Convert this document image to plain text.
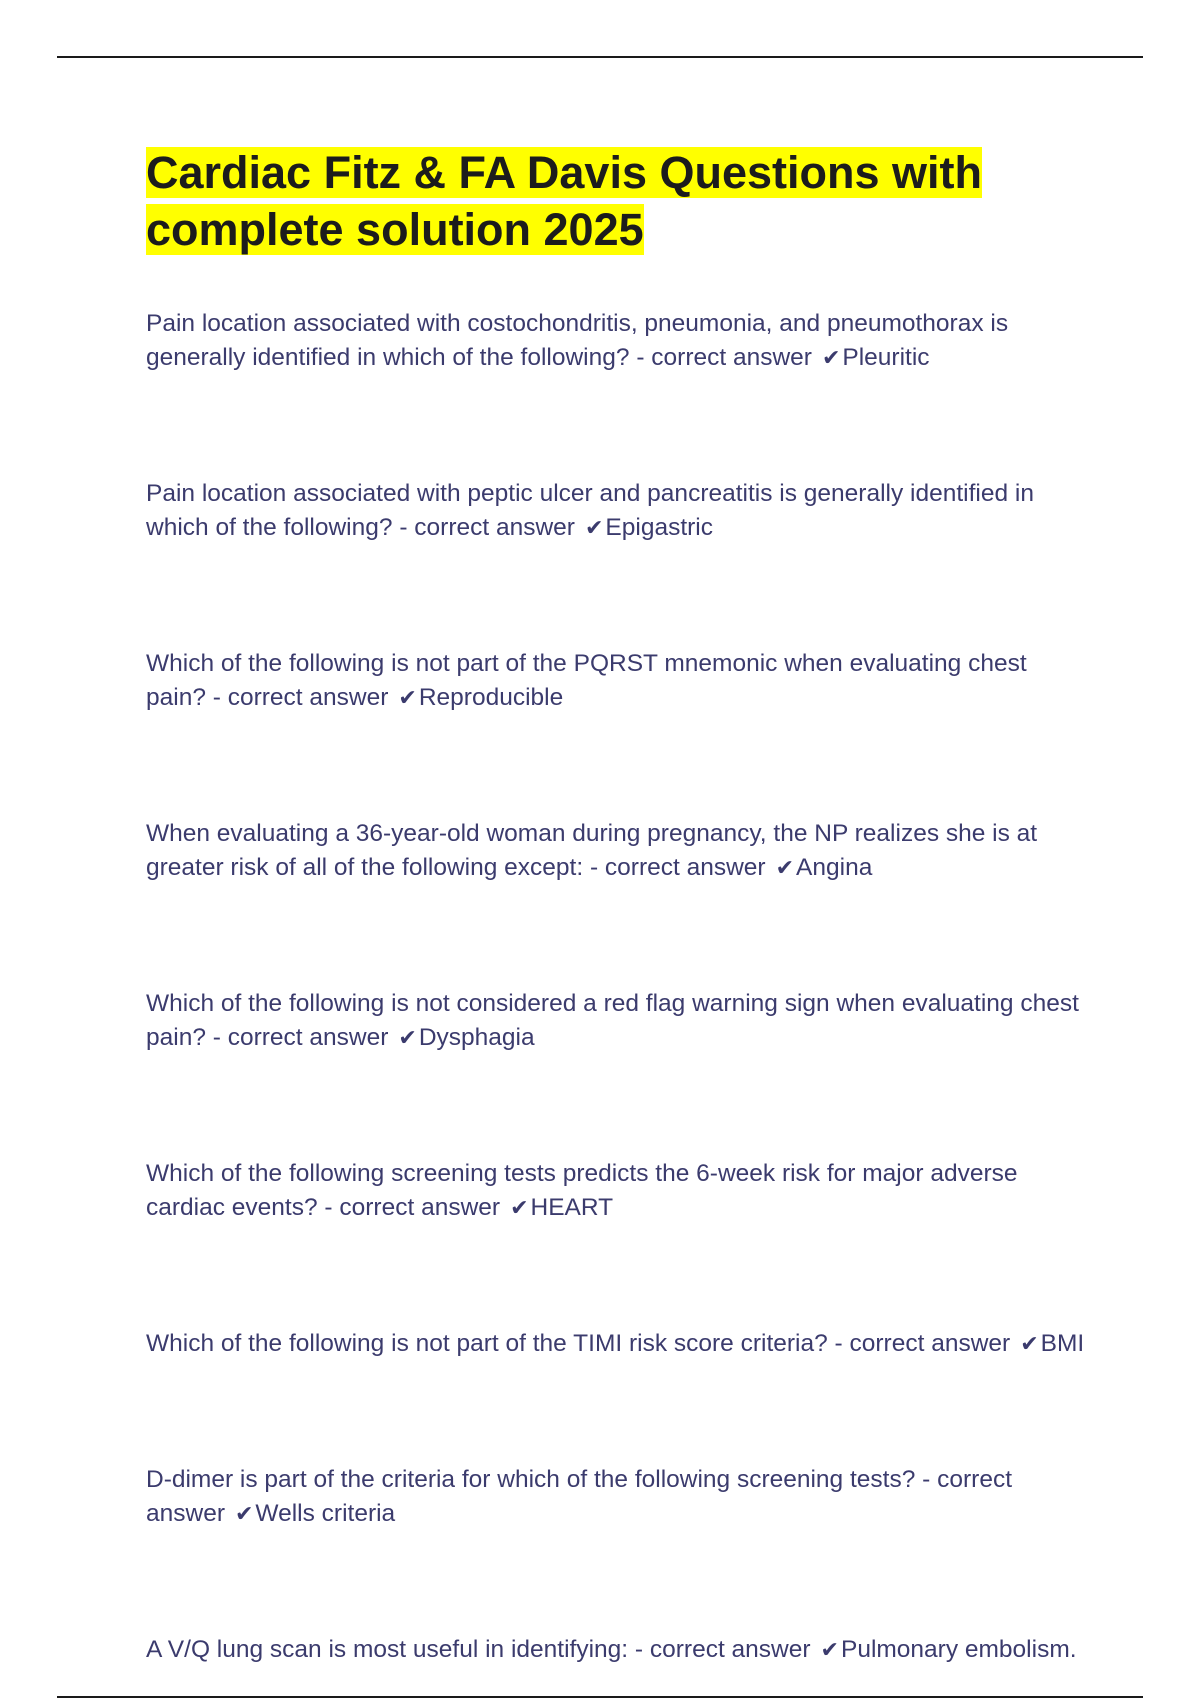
Cardiac Fitz & FA Davis Questions with complete solution 2025

Pain location associated with costochondritis, pneumonia, and pneumothorax is generally identified in which of the following? - correct answer ✔Pleuritic

Pain location associated with peptic ulcer and pancreatitis is generally identified in which of the following? - correct answer ✔Epigastric

Which of the following is not part of the PQRST mnemonic when evaluating chest pain? - correct answer ✔Reproducible

When evaluating a 36-year-old woman during pregnancy, the NP realizes she is at greater risk of all of the following except: - correct answer ✔Angina

Which of the following is not considered a red flag warning sign when evaluating chest pain? - correct answer ✔Dysphagia

Which of the following screening tests predicts the 6-week risk for major adverse cardiac events? - correct answer ✔HEART

Which of the following is not part of the TIMI risk score criteria? - correct answer ✔BMI

D-dimer is part of the criteria for which of the following screening tests? - correct answer ✔Wells criteria

A V/Q lung scan is most useful in identifying: - correct answer ✔Pulmonary embolism.
